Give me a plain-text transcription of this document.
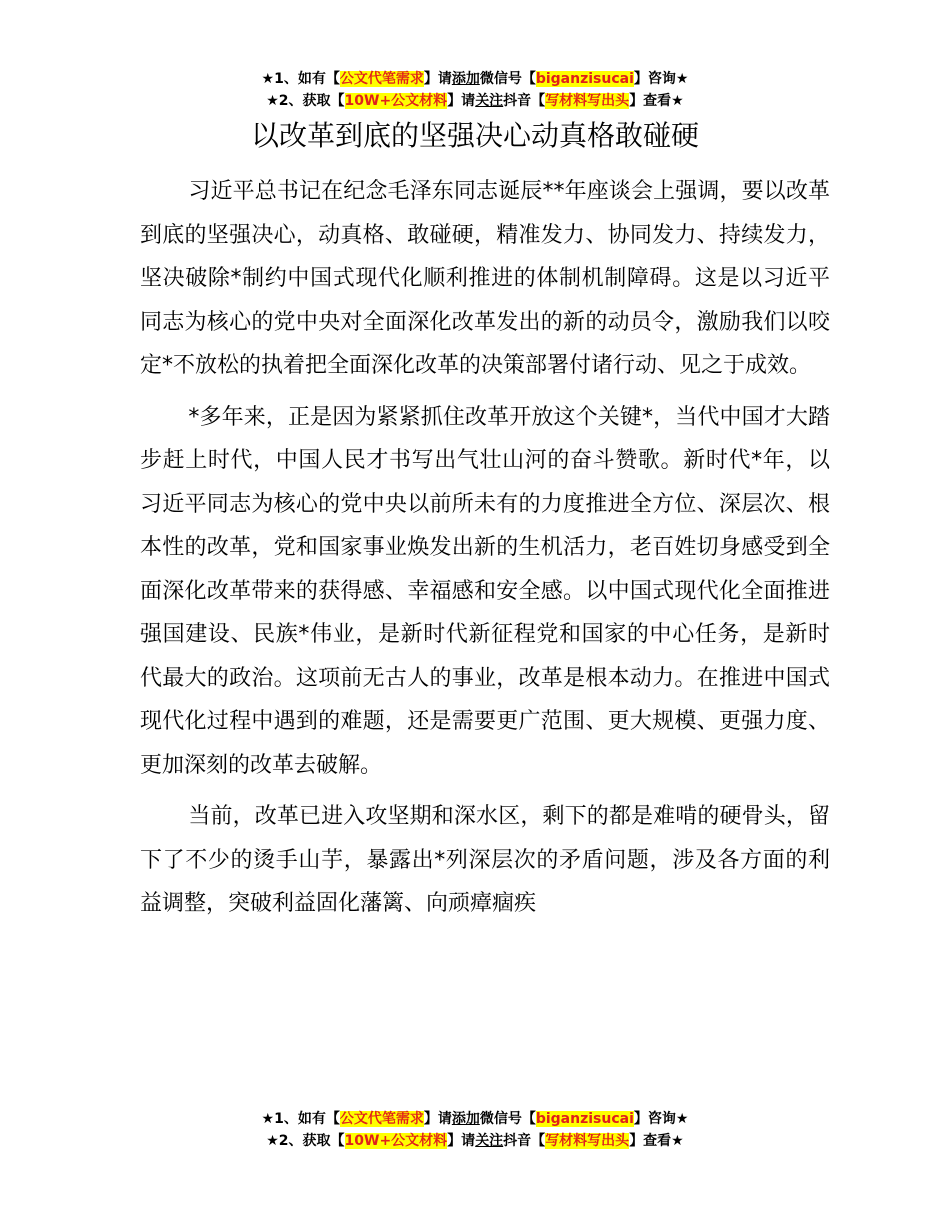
★1、如有【公文代笔需求】请添加微信号【biganzisucai】咨询★
★2、获取【10W+公文材料】请关注抖音【写材料写出头】查看★
以改革到底的坚强决心动真格敢碰硬

习近平总书记在纪念毛泽东同志诞辰**年座谈会上强调，要以改革到底的坚强决心，动真格、敢碰硬，精准发力、协同发力、持续发力，坚决破除*制约中国式现代化顺利推进的体制机制障碍。这是以习近平同志为核心的党中央对全面深化改革发出的新的动员令，激励我们以咬定*不放松的执着把全面深化改革的决策部署付诸行动、见之于成效。

*多年来，正是因为紧紧抓住改革开放这个关键*，当代中国才大踏步赶上时代，中国人民才书写出气壮山河的奋斗赞歌。新时代*年，以习近平同志为核心的党中央以前所未有的力度推进全方位、深层次、根本性的改革，党和国家事业焕发出新的生机活力，老百姓切身感受到全面深化改革带来的获得感、幸福感和安全感。以中国式现代化全面推进强国建设、民族*伟业，是新时代新征程党和国家的中心任务，是新时代最大的政治。这项前无古人的事业，改革是根本动力。在推进中国式现代化过程中遇到的难题，还是需要更广范围、更大规模、更强力度、更加深刻的改革去破解。

当前，改革已进入攻坚期和深水区，剩下的都是难啃的硬骨头，留下了不少的烫手山芋，暴露出*列深层次的矛盾问题，涉及各方面的利益调整，突破利益固化藩篱、向顽瘴痼疾

★1、如有【公文代笔需求】请添加微信号【biganzisucai】咨询★
★2、获取【10W+公文材料】请关注抖音【写材料写出头】查看★
